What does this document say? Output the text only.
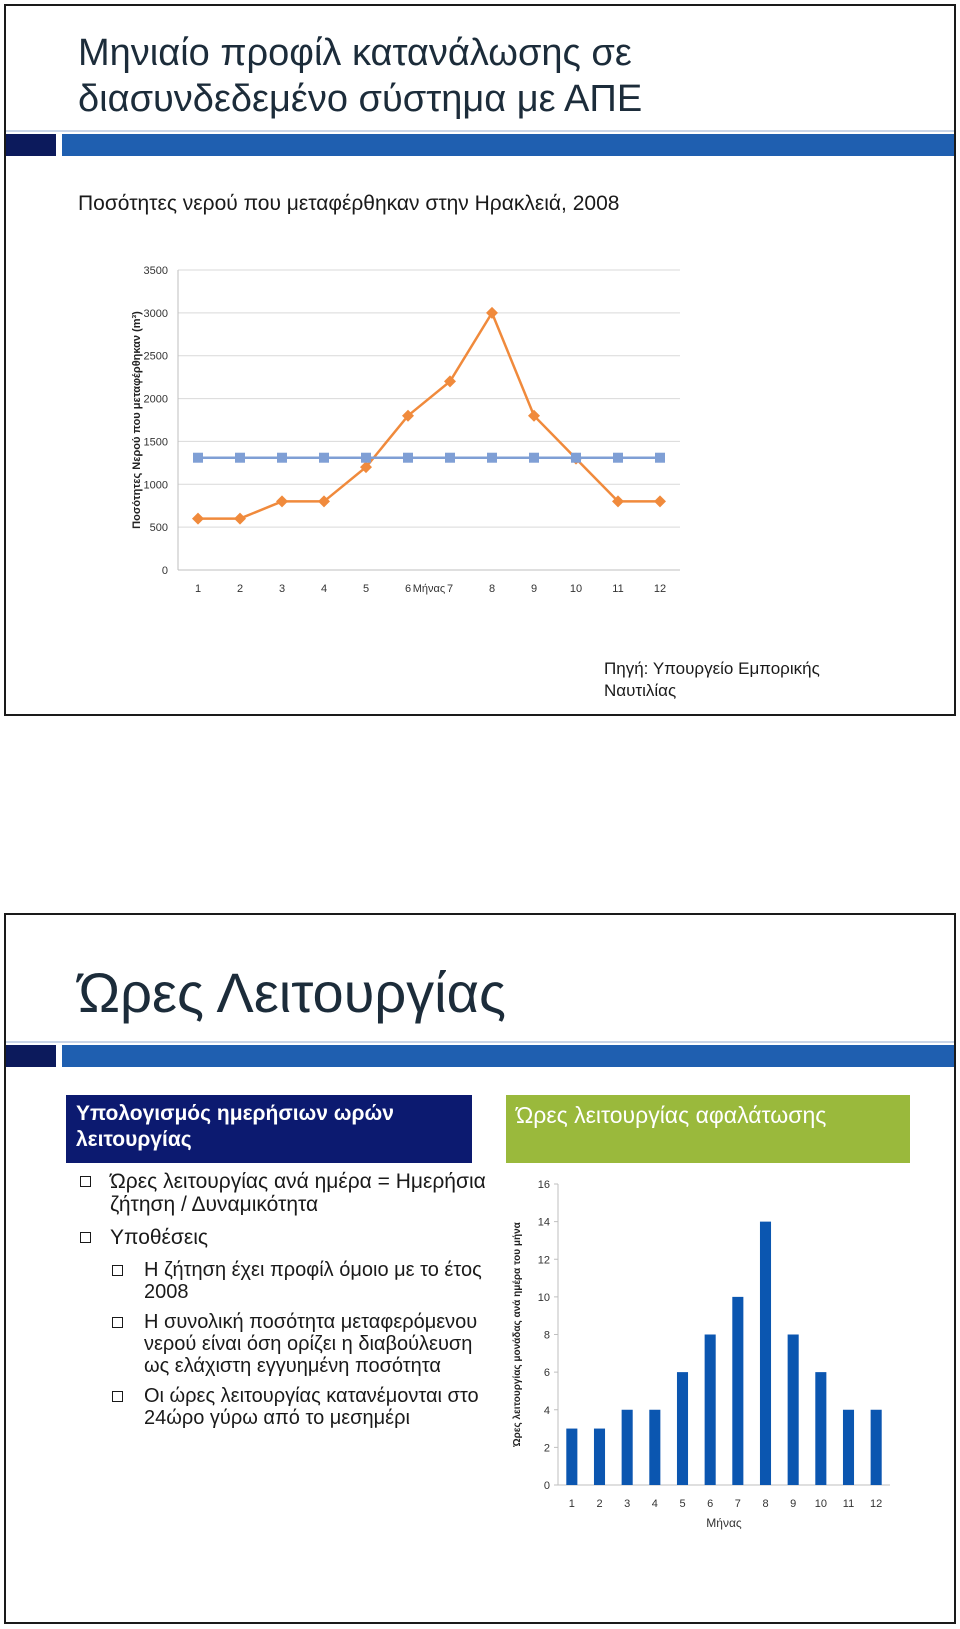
Μηνιαίο προφίλ κατανάλωσης σε διασυνδεδεμένο σύστημα με ΑΠΕ
Ποσότητες νερού που μεταφέρθηκαν στην Ηρακλειά, 2008
Πηγή: Υπουργείο Εμπορικής Ναυτιλίας
0
500
1000
1500
2000
2500
3000
3500
1	2	3	4	5	6	7	8	9	10	11	12
Μήνας
Ποσότητες Νερού που μεταφέρθηκαν (m³)
Ώρες Λειτουργίας
Υπολογισμός ημερήσιων ωρών λειτουργίας
Ώρες λειτουργίας αφαλάτωσης
Ώρες λειτουργίας ανά ημέρα = Ημερήσια ζήτηση / Δυναμικότητα
Υποθέσεις
Η ζήτηση έχει προφίλ όμοιο με το έτος 2008
Η συνολική ποσότητα μεταφερόμενου νερού είναι όση ορίζει η διαβούλευση ως ελάχιστη εγγυημένη ποσότητα
Οι ώρες λειτουργίας κατανέμονται στο 24ώρο γύρω από το μεσημέρι
0
2
4
6
8
10
12
14
16
1 2 3 4 5 6 7 8 9 10 11 12
Μήνας
Ώρες λειτουργίας μονάδας ανά ημέρα του μήνα
